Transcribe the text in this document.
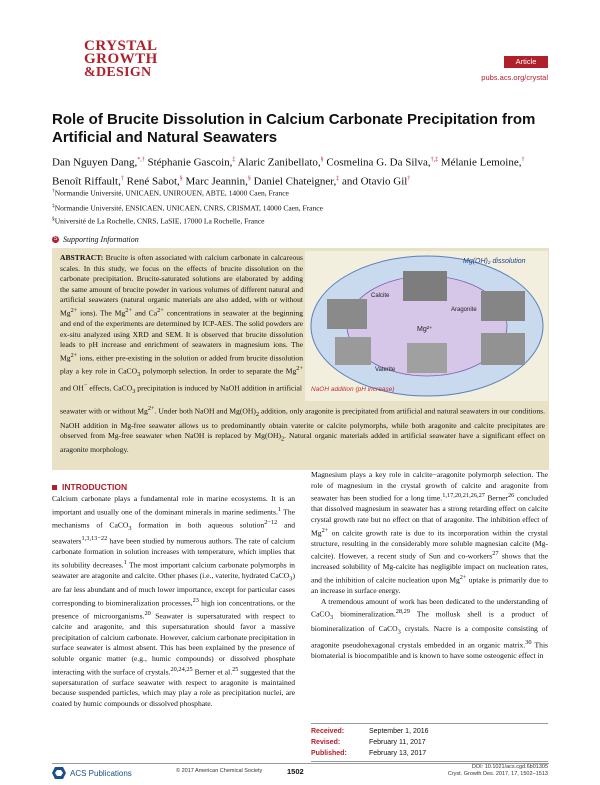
CRYSTAL
GROWTH
&DESIGN
Article
pubs.acs.org/crystal
Role of Brucite Dissolution in Calcium Carbonate Precipitation from Artificial and Natural Seawaters
Dan Nguyen Dang,*,† Stéphanie Gascoin,‡ Alaric Zanibellato,§ Cosmelina G. Da Silva,†,‡ Mélanie Lemoine,† Benoît Riffault,† René Sabot,§ Marc Jeannin,§ Daniel Chateigner,‡ and Otavio Gil†
†Normandie Université, UNICAEN, UNIROUEN, ABTE, 14000 Caen, France
‡Normandie Université, ENSICAEN, UNICAEN, CNRS, CRISMAT, 14000 Caen, France
§Université de La Rochelle, CNRS, LaSIE, 17000 La Rochelle, France
S Supporting Information
ABSTRACT: Brucite is often associated with calcium carbonate in calcareous scales. In this study, we focus on the effects of brucite dissolution on the carbonate precipitation. Brucite-saturated solutions are elaborated by adding the same amount of brucite powder in various volumes of different natural and artificial seawaters (natural organic materials are also added, with or without $Mg^{2+}$ ions). The $Mg^{2+}$ and $Ca^{2+}$ concentrations in seawater at the beginning and end of the experiments are determined by ICP-AES. The solid powders are ex-situ analyzed using XRD and SEM. It is observed that brucite dissolution leads to pH increase and enrichment of seawaters in magnesium ions. The $Mg^{2+}$ ions, either pre-existing in the solution or added from brucite dissolution play a key role in CaCO$_3$ polymorph selection. In order to separate the $Mg^{2+}$ and OH− effects, CaCO$_3$ precipitation is induced by NaOH addition in artificial
Mg(OH)₂ dissolution
Calcite
Aragonite
Vaterite
NaOH addition (pH increase)
Mg²⁺
seawater with or without $Mg^{2+}$. Under both NaOH and $Mg(OH)_2$ addition, only aragonite is precipitated from artificial and natural seawaters in our conditions. NaOH addition in Mg-free seawater allows us to predominantly obtain vaterite or calcite polymorphs, while both aragonite and calcite precipitates are observed from Mg-free seawater when NaOH is replaced by $Mg(OH)_2$. Natural organic materials added in artificial seawater have a significant effect on aragonite morphology.
INTRODUCTION

Calcium carbonate plays a fundamental role in marine ecosystems. It is an important and usually one of the dominant minerals in marine sediments.$^1$ The mechanisms of CaCO$_3$ formation in both aqueous solution$^{2-12}$ and seawaters$^{1,3,13-22}$ have been studied by numerous authors. The rate of calcium carbonate formation in solution increases with temperature, which implies that its solubility decreases.$^1$ The most important calcium carbonate polymorphs in seawater are aragonite and calcite. Other phases (i.e., vaterite, hydrated CaCO$_3$) are far less abundant and of much lower importance, except for particular cases corresponding to biomineralization processes,$^{23}$ high ion concentrations, or the presence of microorganisms.$^{20}$ Seawater is supersaturated with respect to calcite and aragonite, and this supersaturation should favor a massive precipitation of calcium carbonate. However, calcium carbonate precipitation in surface seawater is almost absent. This has been explained by the presence of soluble organic matter (e.g., humic compounds) or dissolved phosphate interacting with the surface of crystals.$^{20,24,25}$ Berner et al.$^{25}$ suggested that the supersaturation of surface seawater with respect to aragonite is maintained because suspended particles, which may play a role as precipitation nuclei, are coated by humic compounds or dissolved phosphate.

Magnesium plays a key role in calcite−aragonite polymorph selection. The role of magnesium in the crystal growth of calcite and aragonite from seawater has been studied for a long time.$^{1,17,20,21,26,27}$ Berner$^{26}$ concluded that dissolved magnesium in seawater has a strong retarding effect on calcite crystal growth rate but no effect on that of aragonite. The inhibition effect of $Mg^{2+}$ on calcite growth rate is due to its incorporation within the crystal structure, resulting in the considerably more soluble magnesian calcite (Mg-calcite). However, a recent study of Sun and co-workers$^{27}$ shows that the increased solubility of Mg-calcite has negligible impact on nucleation rates, and the inhibition of calcite nucleation upon $Mg^{2+}$ uptake is primarily due to an increase in surface energy.

A tremendous amount of work has been dedicated to the understanding of CaCO$_3$ biomineralization.$^{28,29}$ The mollusk shell is a product of biomineralization of CaCO$_3$ crystals. Nacre is a composite consisting of aragonite pseudohexagonal crystals embedded in an organic matrix.$^{30}$ This biomaterial is biocompatible and is known to have some osteogenic effect in

Received:	September 1, 2016
Revised:	February 11, 2017
Published:	February 13, 2017
ACS Publications	© 2017 American Chemical Society	1502	DOI: 10.1021/acs.cgd.6b01305
Cryst. Growth Des. 2017, 17, 1502−1513
